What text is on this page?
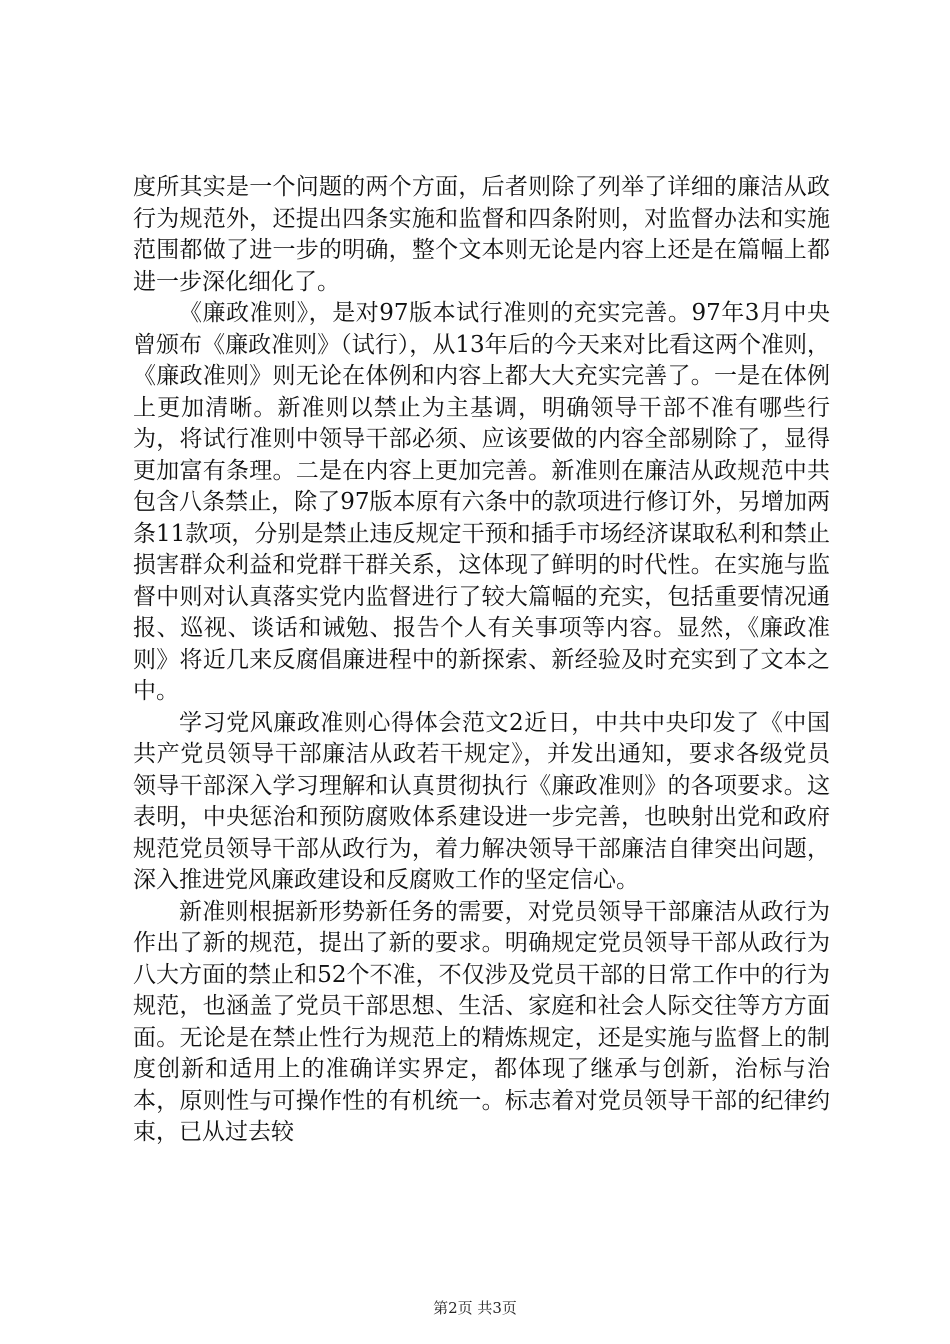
度所其实是一个问题的两个方面，后者则除了列举了详细的廉洁从政行为规范外，还提出四条实施和监督和四条附则，对监督办法和实施范围都做了进一步的明确，整个文本则无论是内容上还是在篇幅上都进一步深化细化了。

《廉政准则》，是对97版本试行准则的充实完善。97年3月中央曾颁布《廉政准则》（试行），从13年后的今天来对比看这两个准则，《廉政准则》则无论在体例和内容上都大大充实完善了。一是在体例上更加清晰。新准则以禁止为主基调，明确领导干部不准有哪些行为，将试行准则中领导干部必须、应该要做的内容全部剔除了，显得更加富有条理。二是在内容上更加完善。新准则在廉洁从政规范中共包含八条禁止，除了97版本原有六条中的款项进行修订外，另增加两条11款项，分别是禁止违反规定干预和插手市场经济谋取私利和禁止损害群众利益和党群干群关系，这体现了鲜明的时代性。在实施与监督中则对认真落实党内监督进行了较大篇幅的充实，包括重要情况通报、巡视、谈话和诫勉、报告个人有关事项等内容。显然，《廉政准则》将近几来反腐倡廉进程中的新探索、新经验及时充实到了文本之中。

学习党风廉政准则心得体会范文2近日，中共中央印发了《中国共产党员领导干部廉洁从政若干规定》，并发出通知，要求各级党员领导干部深入学习理解和认真贯彻执行《廉政准则》的各项要求。这表明，中央惩治和预防腐败体系建设进一步完善，也映射出党和政府规范党员领导干部从政行为，着力解决领导干部廉洁自律突出问题，深入推进党风廉政建设和反腐败工作的坚定信心。

新准则根据新形势新任务的需要，对党员领导干部廉洁从政行为作出了新的规范，提出了新的要求。明确规定党员领导干部从政行为八大方面的禁止和52个不准，不仅涉及党员干部的日常工作中的行为规范，也涵盖了党员干部思想、生活、家庭和社会人际交往等方方面面。无论是在禁止性行为规范上的精炼规定，还是实施与监督上的制度创新和适用上的准确详实界定，都体现了继承与创新，治标与治本，原则性与可操作性的有机统一。标志着对党员领导干部的纪律约束，已从过去较

第2页 共3页
